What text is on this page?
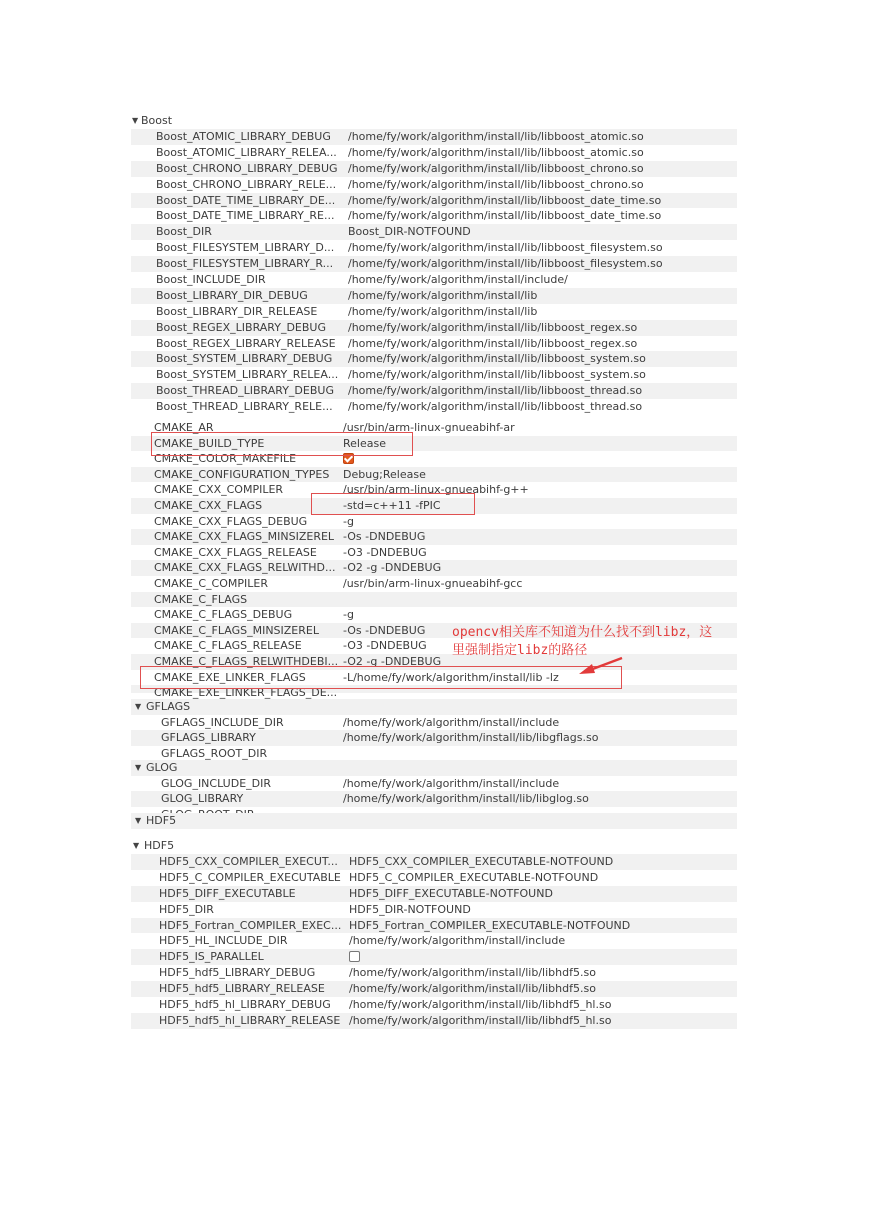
▼ Boost
Boost_ATOMIC_LIBRARY_DEBUG	/home/fy/work/algorithm/install/lib/libboost_atomic.so
Boost_ATOMIC_LIBRARY_RELEA...	/home/fy/work/algorithm/install/lib/libboost_atomic.so
Boost_CHRONO_LIBRARY_DEBUG /home/fy/work/algorithm/install/lib/libboost_chrono.so
Boost_CHRONO_LIBRARY_RELE...	/home/fy/work/algorithm/install/lib/libboost_chrono.so
Boost_DATE_TIME_LIBRARY_DE...	/home/fy/work/algorithm/install/lib/libboost_date_time.so
Boost_DATE_TIME_LIBRARY_RE...	/home/fy/work/algorithm/install/lib/libboost_date_time.so
Boost_DIR	Boost_DIR-NOTFOUND
Boost_FILESYSTEM_LIBRARY_D...	/home/fy/work/algorithm/install/lib/libboost_filesystem.so
Boost_FILESYSTEM_LIBRARY_R...	/home/fy/work/algorithm/install/lib/libboost_filesystem.so
Boost_INCLUDE_DIR	/home/fy/work/algorithm/install/include/
Boost_LIBRARY_DIR_DEBUG	/home/fy/work/algorithm/install/lib
Boost_LIBRARY_DIR_RELEASE	/home/fy/work/algorithm/install/lib
Boost_REGEX_LIBRARY_DEBUG	/home/fy/work/algorithm/install/lib/libboost_regex.so
Boost_REGEX_LIBRARY_RELEASE	/home/fy/work/algorithm/install/lib/libboost_regex.so
Boost_SYSTEM_LIBRARY_DEBUG	/home/fy/work/algorithm/install/lib/libboost_system.so
Boost_SYSTEM_LIBRARY_RELEA... /home/fy/work/algorithm/install/lib/libboost_system.so
Boost_THREAD_LIBRARY_DEBUG	/home/fy/work/algorithm/install/lib/libboost_thread.so
Boost_THREAD_LIBRARY_RELE...	/home/fy/work/algorithm/install/lib/libboost_thread.so
CMAKE_AR	/usr/bin/arm-linux-gnueabihf-ar
CMAKE_BUILD_TYPE	Release
CMAKE_COLOR_MAKEFILE
CMAKE_CONFIGURATION_TYPES	Debug;Release
CMAKE_CXX_COMPILER	/usr/bin/arm-linux-gnueabihf-g++
CMAKE_CXX_FLAGS	-std=c++11 -fPIC
CMAKE_CXX_FLAGS_DEBUG	-g
CMAKE_CXX_FLAGS_MINSIZEREL -Os -DNDEBUG
CMAKE_CXX_FLAGS_RELEASE	-O3 -DNDEBUG
CMAKE_CXX_FLAGS_RELWITHD... -O2 -g -DNDEBUG
CMAKE_C_COMPILER	/usr/bin/arm-linux-gnueabihf-gcc
CMAKE_C_FLAGS
CMAKE_C_FLAGS_DEBUG	-g
CMAKE_C_FLAGS_MINSIZEREL	-Os -DNDEBUG
CMAKE_C_FLAGS_RELEASE	-O3 -DNDEBUG
CMAKE_C_FLAGS_RELWITHDEBI... -O2 -g -DNDEBUG
CMAKE_EXE_LINKER_FLAGS	-L/home/fy/work/algorithm/install/lib -lz
CMAKE_EXE_LINKER_FLAGS_DE...
▼ GFLAGS
GFLAGS_INCLUDE_DIR	/home/fy/work/algorithm/install/include
GFLAGS_LIBRARY	/home/fy/work/algorithm/install/lib/libgflags.so
GFLAGS_ROOT_DIR
▼ GLOG
GLOG_INCLUDE_DIR	/home/fy/work/algorithm/install/include
GLOG_LIBRARY	/home/fy/work/algorithm/install/lib/libglog.so
▼ HDF5
▼ HDF5
HDF5_CXX_COMPILER_EXECUT...	HDF5_CXX_COMPILER_EXECUTABLE-NOTFOUND
HDF5_C_COMPILER_EXECUTABLE HDF5_C_COMPILER_EXECUTABLE-NOTFOUND
HDF5_DIFF_EXECUTABLE	HDF5_DIFF_EXECUTABLE-NOTFOUND
HDF5_DIR	HDF5_DIR-NOTFOUND
HDF5_Fortran_COMPILER_EXEC... HDF5_Fortran_COMPILER_EXECUTABLE-NOTFOUND
HDF5_HL_INCLUDE_DIR	/home/fy/work/algorithm/install/include
HDF5_IS_PARALLEL
HDF5_hdf5_LIBRARY_DEBUG	/home/fy/work/algorithm/install/lib/libhdf5.so
HDF5_hdf5_LIBRARY_RELEASE	/home/fy/work/algorithm/install/lib/libhdf5.so
HDF5_hdf5_hl_LIBRARY_DEBUG	/home/fy/work/algorithm/install/lib/libhdf5_hl.so
HDF5_hdf5_hl_LIBRARY_RELEASE /home/fy/work/algorithm/install/lib/libhdf5_hl.so
opencv相关库不知道为什么找不到libz，这
里强制指定libz的路径
